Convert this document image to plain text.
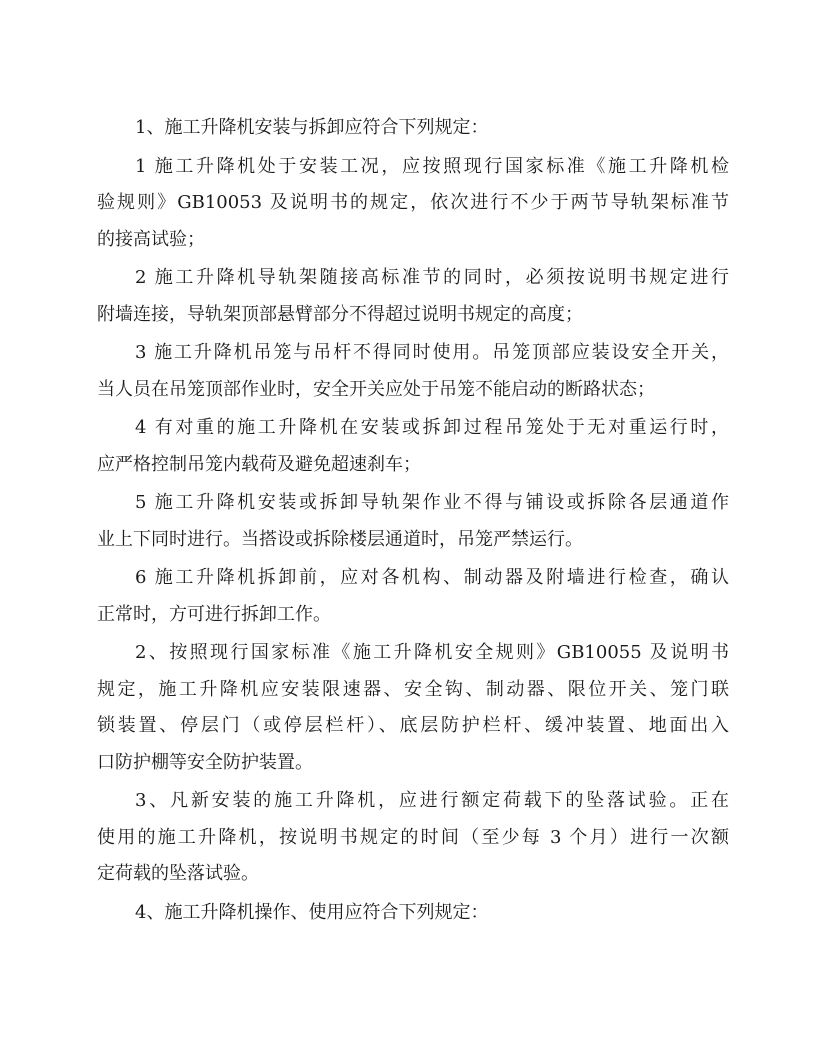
1、施工升降机安装与拆卸应符合下列规定：
1 施工升降机处于安装工况，应按照现行国家标准《施工升降机检
验规则》GB10053 及说明书的规定，依次进行不少于两节导轨架标准节
的接高试验；
2 施工升降机导轨架随接高标准节的同时，必须按说明书规定进行
附墙连接，导轨架顶部悬臂部分不得超过说明书规定的高度；
3 施工升降机吊笼与吊杆不得同时使用。吊笼顶部应装设安全开关，
当人员在吊笼顶部作业时，安全开关应处于吊笼不能启动的断路状态；
4 有对重的施工升降机在安装或拆卸过程吊笼处于无对重运行时，
应严格控制吊笼内载荷及避免超速刹车；
5 施工升降机安装或拆卸导轨架作业不得与铺设或拆除各层通道作
业上下同时进行。当搭设或拆除楼层通道时，吊笼严禁运行。
6 施工升降机拆卸前，应对各机构、制动器及附墙进行检查，确认
正常时，方可进行拆卸工作。
2、按照现行国家标准《施工升降机安全规则》GB10055 及说明书
规定，施工升降机应安装限速器、安全钩、制动器、限位开关、笼门联
锁装置、停层门（或停层栏杆）、底层防护栏杆、缓冲装置、地面出入
口防护棚等安全防护装置。
3、凡新安装的施工升降机，应进行额定荷载下的坠落试验。正在
使用的施工升降机，按说明书规定的时间（至少每 3 个月）进行一次额
定荷载的坠落试验。
4、施工升降机操作、使用应符合下列规定：
